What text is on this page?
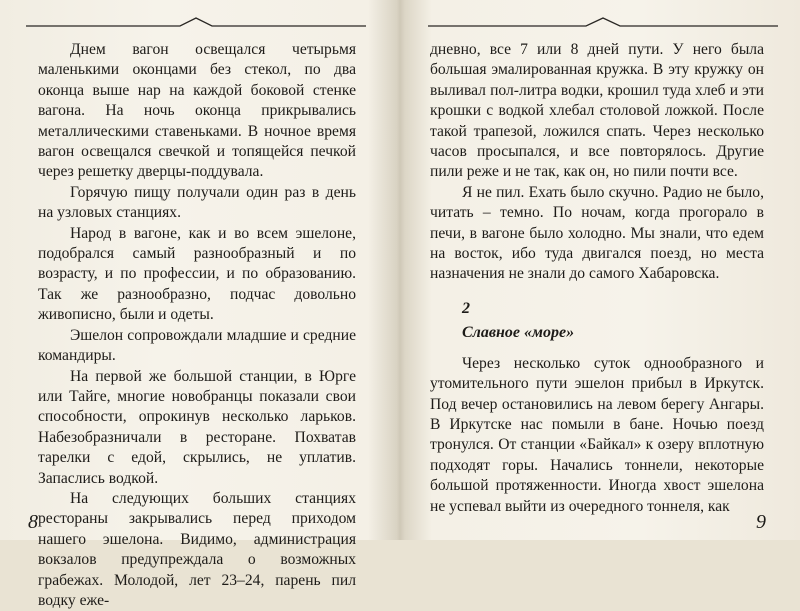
Днем вагон освещался четырьмя маленькими оконцами без стекол, по два оконца выше нар на каждой боковой стенке вагона. На ночь оконца прикрывались металлическими ставеньками. В ночное время вагон освещался свечкой и топящейся печкой через решетку дверцы-поддувала.

Горячую пищу получали один раз в день на узловых станциях.

Народ в вагоне, как и во всем эшелоне, подобрался самый разнообразный и по возрасту, и по профессии, и по образованию. Так же разнообразно, подчас довольно живописно, были и одеты.

Эшелон сопровождали младшие и средние командиры.

На первой же большой станции, в Юрге или Тайге, многие новобранцы показали свои способности, опрокинув несколько ларьков. Набезобразничали в ресторане. Похватав тарелки с едой, скрылись, не уплатив. Запаслись водкой.

На следующих больших станциях рестораны закрывались перед приходом нашего эшелона. Видимо, администрация вокзалов предупреждала о возможных грабежах. Молодой, лет 23–24, парень пил водку еже-

8

дневно, все 7 или 8 дней пути. У него была большая эмалированная кружка. В эту кружку он выливал пол-литра водки, крошил туда хлеб и эти крошки с водкой хлебал столовой ложкой. После такой трапезой, ложился спать. Через несколько часов просыпался, и все повторялось. Другие пили реже и не так, как он, но пили почти все.

Я не пил. Ехать было скучно. Радио не было, читать – темно. По ночам, когда прогорало в печи, в вагоне было холодно. Мы знали, что едем на восток, ибо туда двигался поезд, но места назначения не знали до самого Хабаровска.

2
Славное «море»

Через несколько суток однообразного и утомительного пути эшелон прибыл в Иркутск. Под вечер остановились на левом берегу Ангары. В Иркутске нас помыли в бане. Ночью поезд тронулся. От станции «Байкал» к озеру вплотную подходят горы. Начались тоннели, некоторые большой протяженности. Иногда хвост эшелона не успевал выйти из очередного тоннеля, как

9
